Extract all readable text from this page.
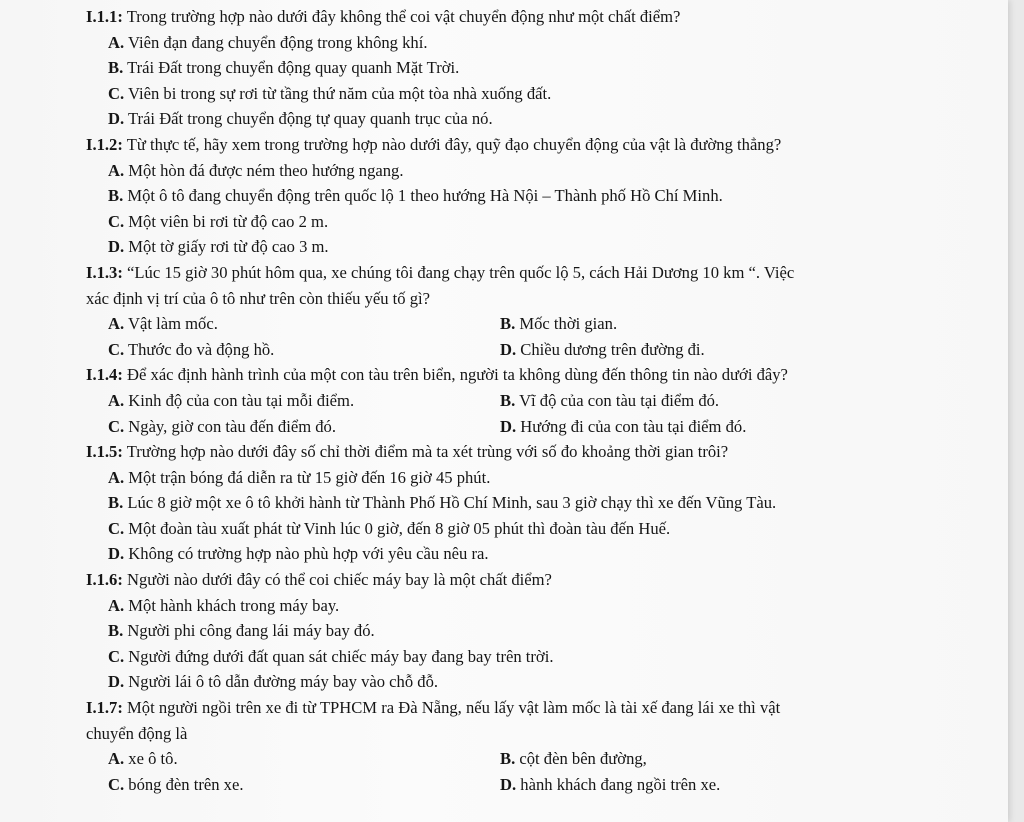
I.1.1: Trong trường hợp nào dưới đây không thể coi vật chuyển động như một chất điểm?
A. Viên đạn đang chuyển động trong không khí.
B. Trái Đất trong chuyển động quay quanh Mặt Trời.
C. Viên bi trong sự rơi từ tầng thứ năm của một tòa nhà xuống đất.
D. Trái Đất trong chuyển động tự quay quanh trục của nó.
I.1.2: Từ thực tế, hãy xem trong trường hợp nào dưới đây, quỹ đạo chuyển động của vật là đường thẳng?
A. Một hòn đá được ném theo hướng ngang.
B. Một ô tô đang chuyển động trên quốc lộ 1 theo hướng Hà Nội – Thành phố Hồ Chí Minh.
C. Một viên bi rơi từ độ cao 2 m.
D. Một tờ giấy rơi từ độ cao 3 m.
I.1.3: “Lúc 15 giờ 30 phút hôm qua, xe chúng tôi đang chạy trên quốc lộ 5, cách Hải Dương 10 km “. Việc
xác định vị trí của ô tô như trên còn thiếu yếu tố gì?
A. Vật làm mốc.	B. Mốc thời gian.
C. Thước đo và động hồ.	D. Chiều dương trên đường đi.
I.1.4: Để xác định hành trình của một con tàu trên biển, người ta không dùng đến thông tin nào dưới đây?
A. Kinh độ của con tàu tại mỗi điểm.	B. Vĩ độ của con tàu tại điểm đó.
C. Ngày, giờ con tàu đến điểm đó.	D. Hướng đi của con tàu tại điểm đó.
I.1.5: Trường hợp nào dưới đây số chỉ thời điểm mà ta xét trùng với số đo khoảng thời gian trôi?
A. Một trận bóng đá diễn ra từ 15 giờ đến 16 giờ 45 phút.
B. Lúc 8 giờ một xe ô tô khởi hành từ Thành Phố Hồ Chí Minh, sau 3 giờ chạy thì xe đến Vũng Tàu.
C. Một đoàn tàu xuất phát từ Vinh lúc 0 giờ, đến 8 giờ 05 phút thì đoàn tàu đến Huế.
D. Không có trường hợp nào phù hợp với yêu cầu nêu ra.
I.1.6: Người nào dưới đây có thể coi chiếc máy bay là một chất điểm?
A. Một hành khách trong máy bay.
B. Người phi công đang lái máy bay đó.
C. Người đứng dưới đất quan sát chiếc máy bay đang bay trên trời.
D. Người lái ô tô dẫn đường máy bay vào chỗ đỗ.
I.1.7: Một người ngồi trên xe đi từ TPHCM ra Đà Nẵng, nếu lấy vật làm mốc là tài xế đang lái xe thì vật
chuyển động là
A. xe ô tô.	B. cột đèn bên đường,
C. bóng đèn trên xe.	D. hành khách đang ngồi trên xe.
